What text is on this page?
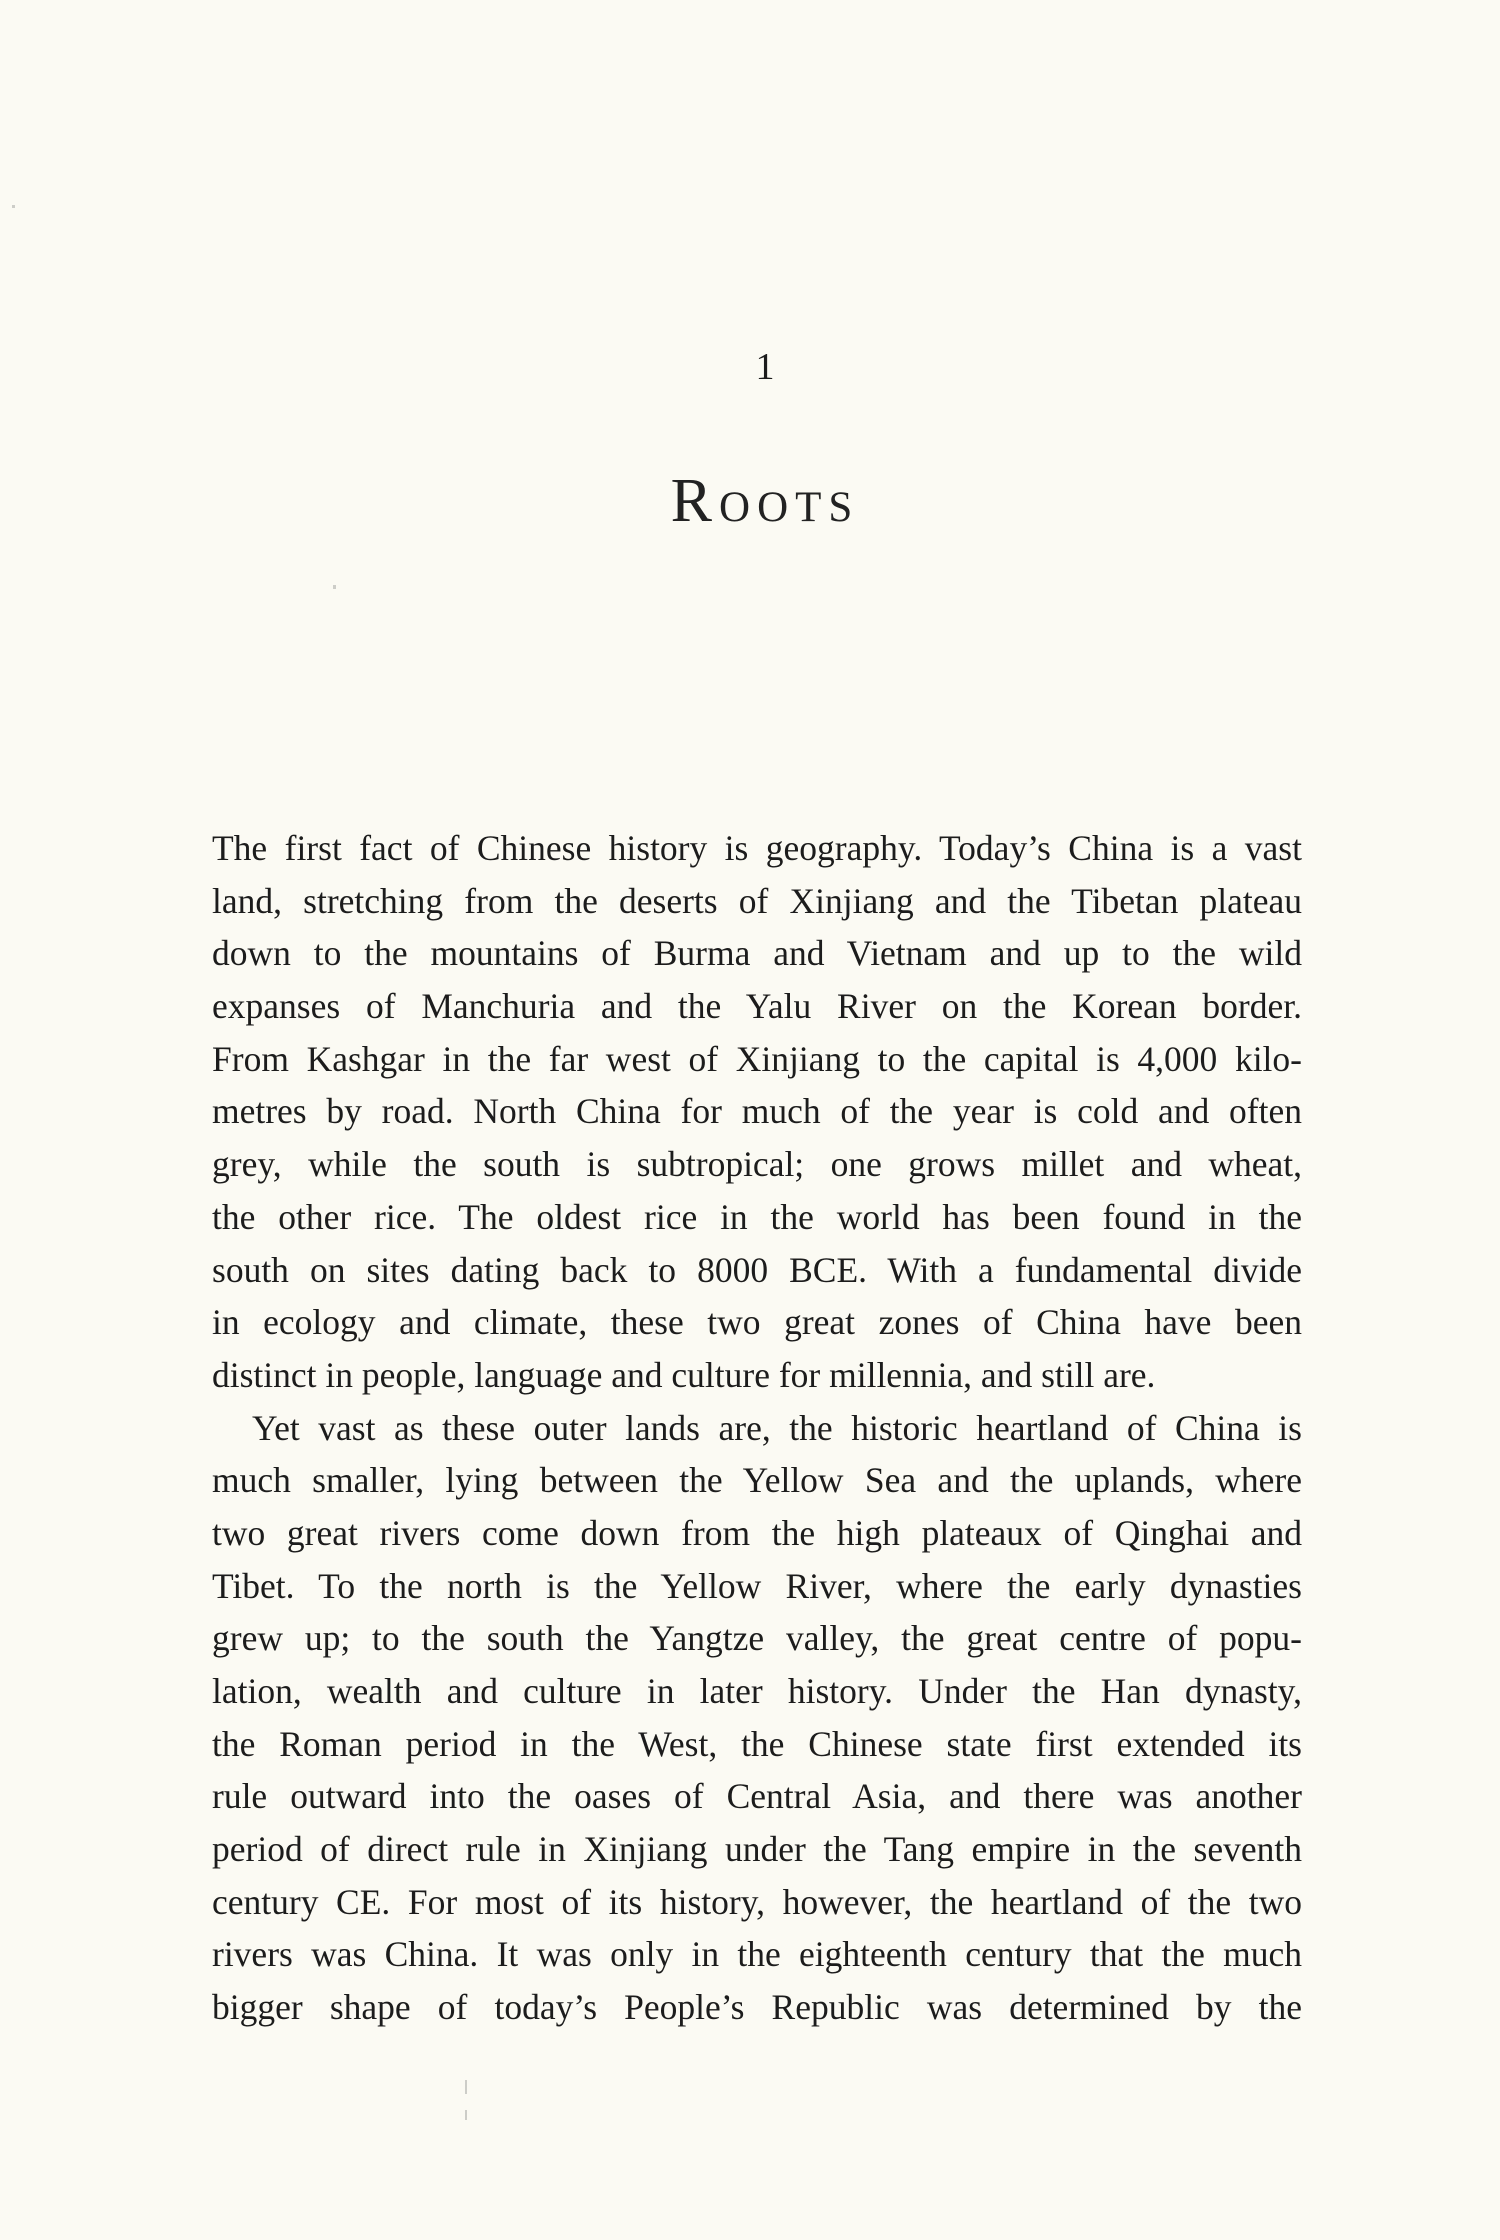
1
Roots
The first fact of Chinese history is geography. Today’s China is a vast
land, stretching from the deserts of Xinjiang and the Tibetan plateau
down to the mountains of Burma and Vietnam and up to the wild
expanses of Manchuria and the Yalu River on the Korean border.
From Kashgar in the far west of Xinjiang to the capital is 4,000 kilo-
metres by road. North China for much of the year is cold and often
grey, while the south is subtropical; one grows millet and wheat,
the other rice. The oldest rice in the world has been found in the
south on sites dating back to 8000 BCE. With a fundamental divide
in ecology and climate, these two great zones of China have been
distinct in people, language and culture for millennia, and still are.
Yet vast as these outer lands are, the historic heartland of China is
much smaller, lying between the Yellow Sea and the uplands, where
two great rivers come down from the high plateaux of Qinghai and
Tibet. To the north is the Yellow River, where the early dynasties
grew up; to the south the Yangtze valley, the great centre of popu-
lation, wealth and culture in later history. Under the Han dynasty,
the Roman period in the West, the Chinese state first extended its
rule outward into the oases of Central Asia, and there was another
period of direct rule in Xinjiang under the Tang empire in the seventh
century CE. For most of its history, however, the heartland of the two
rivers was China. It was only in the eighteenth century that the much
bigger shape of today’s People’s Republic was determined by the
